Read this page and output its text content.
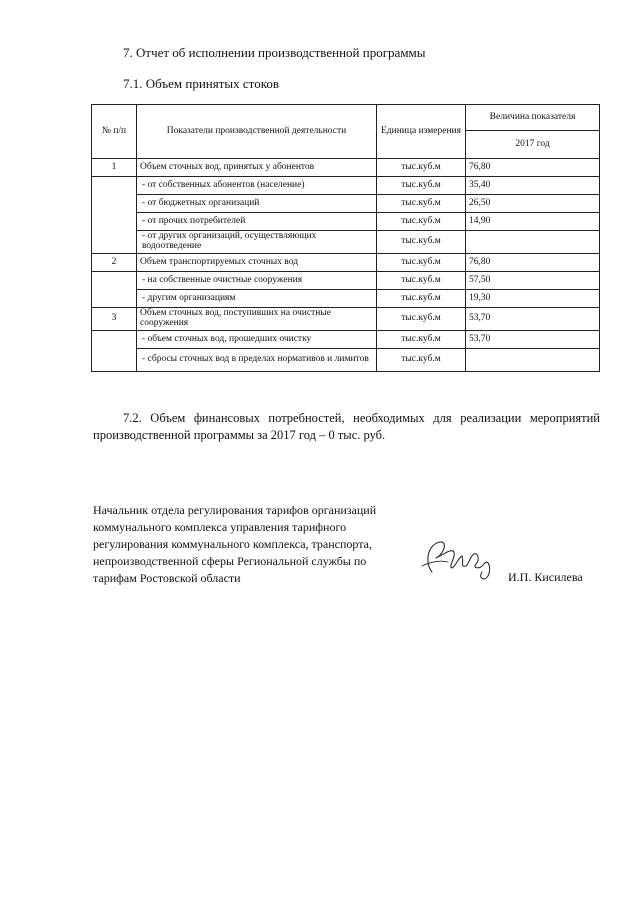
7. Отчет об исполнении производственной программы
7.1. Объем принятых стоков
№ п/п	Показатели производственной деятельности	Единица измерения	Величина показателя
			2017 год
1	Объем сточных вод, принятых у абонентов	тыс.куб.м	76,80
	- от собственных абонентов (население)	тыс.куб.м	35,40
	- от бюджетных организаций	тыс.куб.м	26,50
	- от прочих потребителей	тыс.куб.м	14,90
	- от других организаций, осуществляющих водоотведение	тыс.куб.м	
2	Объем транспортируемых сточных вод	тыс.куб.м	76,80
	- на собственные очистные сооружения	тыс.куб.м	57,50
	- другим организациям	тыс.куб.м	19,30
3	Объем сточных вод, поступивших на очистные сооружения	тыс.куб.м	53,70
	- объем сточных вод, прошедших очистку	тыс.куб.м	53,70
	- сбросы сточных вод в пределах нормативов и лимитов	тыс.куб.м	
7.2. Объем финансовых потребностей, необходимых для реализации мероприятий производственной программы за 2017 год – 0 тыс. руб.
Начальник отдела регулирования тарифов организаций
коммунального комплекса управления тарифного
регулирования коммунального комплекса, транспорта,
непроизводственной сферы Региональной службы по
тарифам Ростовской области	И.П. Кисилева
